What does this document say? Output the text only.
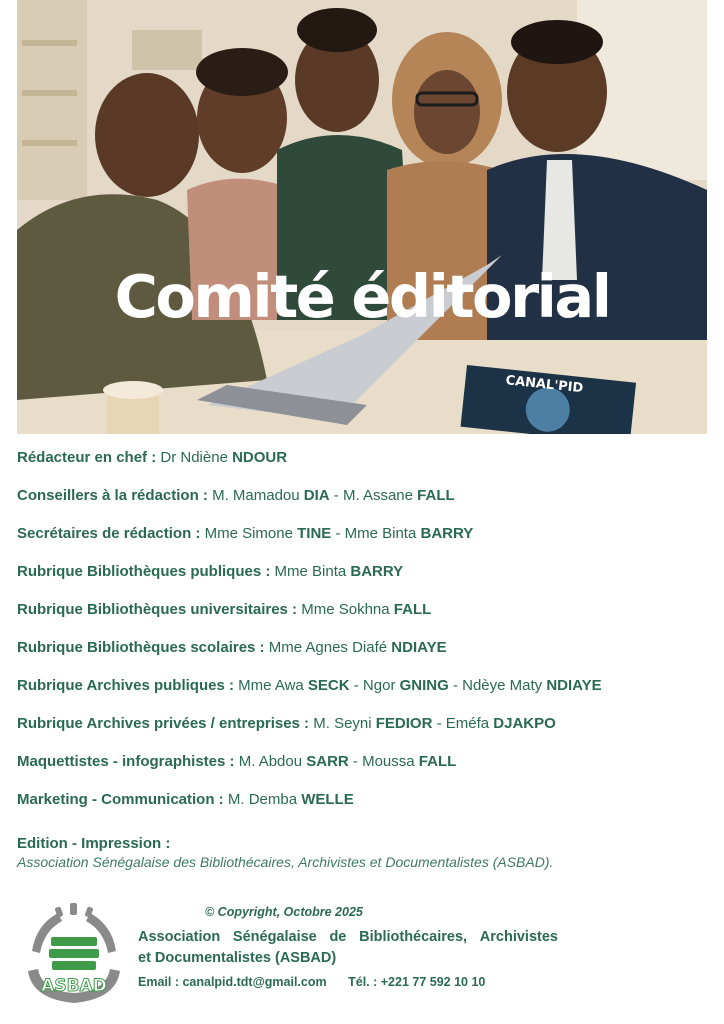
CANAL'PID
Comité éditorial
Rédacteur en chef : Dr Ndiène NDOUR
Conseillers à la rédaction : M. Mamadou DIA - M. Assane FALL
Secrétaires de rédaction : Mme Simone TINE - Mme Binta BARRY
Rubrique Bibliothèques publiques : Mme Binta BARRY
Rubrique Bibliothèques universitaires : Mme Sokhna FALL
Rubrique Bibliothèques scolaires : Mme Agnes Diafé NDIAYE
Rubrique Archives publiques : Mme Awa SECK - Ngor GNING - Ndèye Maty NDIAYE
Rubrique Archives privées / entreprises : M. Seyni FEDIOR - Eméfa DJAKPO
Maquettistes - infographistes : M. Abdou SARR - Moussa FALL
Marketing - Communication : M. Demba WELLE
Edition - Impression :
Association Sénégalaise des Bibliothécaires, Archivistes et Documentalistes (ASBAD).
ASBAD
© Copyright, Octobre 2025
Association Sénégalaise de Bibliothécaires, Archivistes
et Documentalistes (ASBAD)
Email : canalpid.tdt@gmail.com Tél. : +221 77 592 10 10
